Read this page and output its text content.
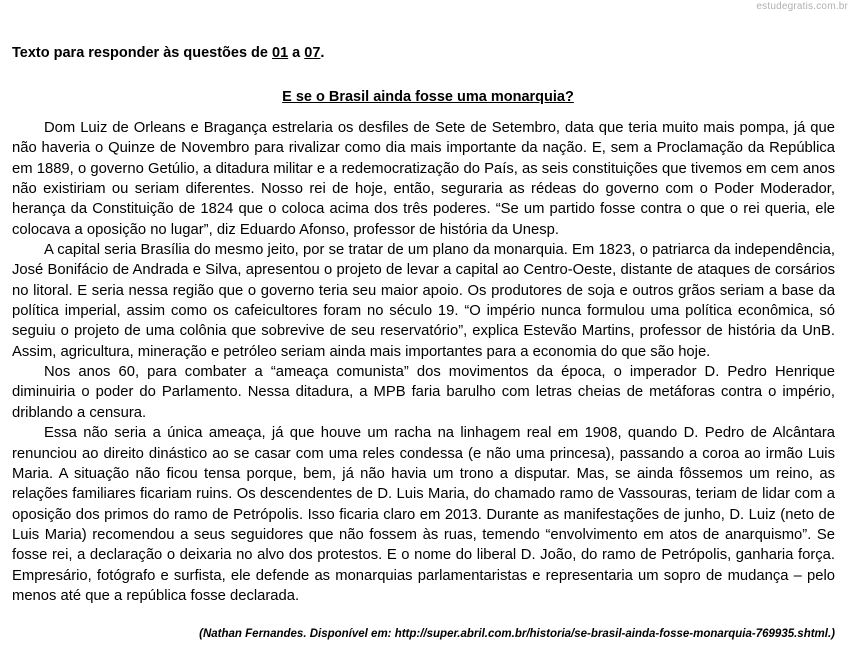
estudegratis.com.br
Texto para responder às questões de 01 a 07.
E se o Brasil ainda fosse uma monarquia?

Dom Luiz de Orleans e Bragança estrelaria os desfiles de Sete de Setembro, data que teria muito mais pompa, já que não haveria o Quinze de Novembro para rivalizar como dia mais importante da nação. E, sem a Proclamação da República em 1889, o governo Getúlio, a ditadura militar e a redemocratização do País, as seis constituições que tivemos em cem anos não existiriam ou seriam diferentes. Nosso rei de hoje, então, seguraria as rédeas do governo com o Poder Moderador, herança da Constituição de 1824 que o coloca acima dos três poderes. “Se um partido fosse contra o que o rei queria, ele colocava a oposição no lugar”, diz Eduardo Afonso, professor de história da Unesp.

A capital seria Brasília do mesmo jeito, por se tratar de um plano da monarquia. Em 1823, o patriarca da independência, José Bonifácio de Andrada e Silva, apresentou o projeto de levar a capital ao Centro-Oeste, distante de ataques de corsários no litoral. E seria nessa região que o governo teria seu maior apoio. Os produtores de soja e outros grãos seriam a base da política imperial, assim como os cafeicultores foram no século 19. “O império nunca formulou uma política econômica, só seguiu o projeto de uma colônia que sobrevive de seu reservatório”, explica Estevão Martins, professor de história da UnB. Assim, agricultura, mineração e petróleo seriam ainda mais importantes para a economia do que são hoje.

Nos anos 60, para combater a “ameaça comunista” dos movimentos da época, o imperador D. Pedro Henrique diminuiria o poder do Parlamento. Nessa ditadura, a MPB faria barulho com letras cheias de metáforas contra o império, driblando a censura.

Essa não seria a única ameaça, já que houve um racha na linhagem real em 1908, quando D. Pedro de Alcântara renunciou ao direito dinástico ao se casar com uma reles condessa (e não uma princesa), passando a coroa ao irmão Luis Maria. A situação não ficou tensa porque, bem, já não havia um trono a disputar. Mas, se ainda fôssemos um reino, as relações familiares ficariam ruins. Os descendentes de D. Luis Maria, do chamado ramo de Vassouras, teriam de lidar com a oposição dos primos do ramo de Petrópolis. Isso ficaria claro em 2013. Durante as manifestações de junho, D. Luiz (neto de Luis Maria) recomendou a seus seguidores que não fossem às ruas, temendo “envolvimento em atos de anarquismo”. Se fosse rei, a declaração o deixaria no alvo dos protestos. E o nome do liberal D. João, do ramo de Petrópolis, ganharia força. Empresário, fotógrafo e surfista, ele defende as monarquias parlamentaristas e representaria um sopro de mudança – pelo menos até que a república fosse declarada.

(Nathan Fernandes. Disponível em: http://super.abril.com.br/historia/se-brasil-ainda-fosse-monarquia-769935.shtml.)
